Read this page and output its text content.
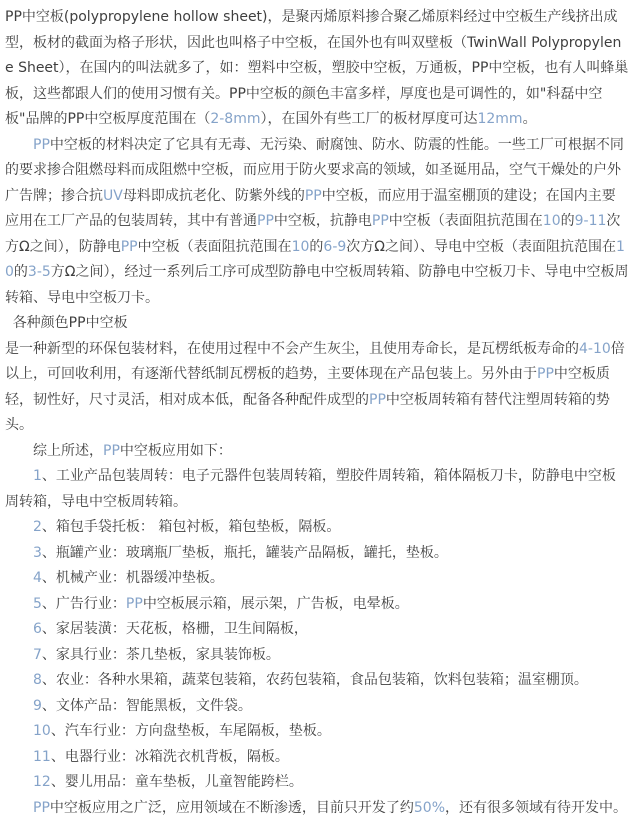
PP中空板(polypropylene hollow sheet)，是聚丙烯原料掺合聚乙烯原料经过中空板生产线挤出成型，板材的截面为格子形状，因此也叫格子中空板，在国外也有叫双壁板（TwinWall Polypropylene Sheet），在国内的叫法就多了，如：塑料中空板，塑胶中空板，万通板，PP中空板，也有人叫蜂巢板，这些都跟人们的使用习惯有关。PP中空板的颜色丰富多样，厚度也是可调性的，如"科磊中空板"品牌的PP中空板厚度范围在（2-8mm），在国外有些工厂的板材厚度可达12mm。

PP中空板的材料决定了它具有无毒、无污染、耐腐蚀、防水、防震的性能。一些工厂可根据不同的要求掺合阻燃母料而成阻燃中空板，而应用于防火要求高的领域，如圣诞用品，空气干燥处的户外广告牌；掺合抗UV母料即成抗老化、防紫外线的PP中空板，而应用于温室棚顶的建设；在国内主要应用在工厂产品的包装周转，其中有普通PP中空板，抗静电PP中空板（表面阻抗范围在10的9-11次方Ω之间），防静电PP中空板（表面阻抗范围在10的6-9次方Ω之间）、导电中空板（表面阻抗范围在10的3-5方Ω之间），经过一系列后工序可成型防静电中空板周转箱、防静电中空板刀卡、导电中空板周转箱、导电中空板刀卡。

各种颜色PP中空板

是一种新型的环保包装材料，在使用过程中不会产生灰尘，且使用寿命长，是瓦楞纸板寿命的4-10倍以上，可回收利用，有逐渐代替纸制瓦楞板的趋势，主要体现在产品包装上。另外由于PP中空板质轻，韧性好，尺寸灵活，相对成本低，配备各种配件成型的PP中空板周转箱有替代注塑周转箱的势头。

综上所述，PP中空板应用如下：

1、工业产品包装周转：电子元器件包装周转箱，塑胶件周转箱，箱体隔板刀卡，防静电中空板周转箱，导电中空板周转箱。

2、箱包手袋托板： 箱包衬板，箱包垫板，隔板。

3、瓶罐产业：玻璃瓶厂垫板，瓶托，罐装产品隔板，罐托，垫板。

4、机械产业：机器缓冲垫板。

5、广告行业：PP中空板展示箱，展示架，广告板，电晕板。

6、家居装潢：天花板，格栅，卫生间隔板，

7、家具行业：茶几垫板，家具装饰板。

8、农业：各种水果箱，蔬菜包装箱，农药包装箱，食品包装箱，饮料包装箱；温室棚顶。

9、文体产品：智能黑板，文件袋。

10、汽车行业：方向盘垫板，车尾隔板，垫板。

11、电器行业：冰箱洗衣机背板，隔板。

12、婴儿用品：童车垫板，儿童智能跨栏。

PP中空板应用之广泛，应用领域在不断渗透，目前只开发了约50%，还有很多领域有待开发中。
